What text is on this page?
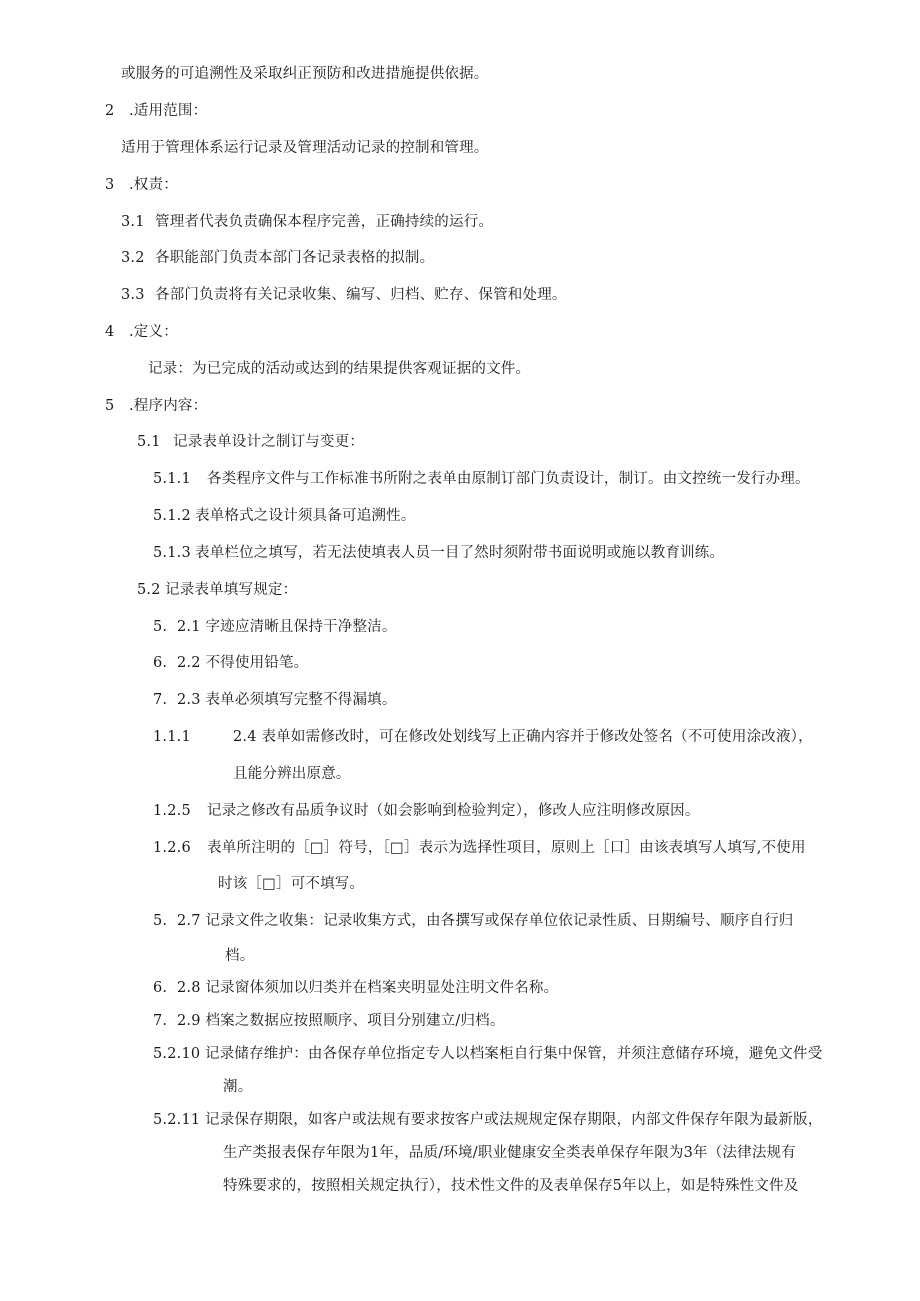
或服务的可追溯性及采取纠正预防和改进措施提供依据。
2 .适用范围：
适用于管理体系运行记录及管理活动记录的控制和管理。
3 .权责：
3.1 管理者代表负责确保本程序完善，正确持续的运行。
3.2 各职能部门负责本部门各记录表格的拟制。
3.3 各部门负责将有关记录收集、编写、归档、贮存、保管和处理。
4 .定义：
记录：为已完成的活动或达到的结果提供客观证据的文件。
5 .程序内容：
5.1 记录表单设计之制订与变更：
5.1.1 各类程序文件与工作标准书所附之表单由原制订部门负责设计，制订。由文控统一发行办理。
5.1.2 表单格式之设计须具备可追溯性。
5.1.3 表单栏位之填写，若无法使填表人员一目了然时须附带书面说明或施以教育训练。
5.2 记录表单填写规定：
5. 2.1 字迹应清晰且保持干净整洁。
6. 2.2 不得使用铅笔。
7. 2.3 表单必须填写完整不得漏填。
1.1.1	2.4 表单如需修改时，可在修改处划线写上正确内容并于修改处签名（不可使用涂改液），
且能分辨出原意。
1.2.5 记录之修改有品质争议时（如会影响到检验判定），修改人应注明修改原因。
1.2.6 表单所注明的［□］符号，［□］表示为选择性项目，原则上［口］由该表填写人填写,不使用
时该［□］可不填写。
5. 2.7 记录文件之收集：记录收集方式，由各撰写或保存单位依记录性质、日期编号、顺序自行归
档。
6. 2.8 记录窗体须加以归类并在档案夹明显处注明文件名称。
7. 2.9 档案之数据应按照顺序、项目分别建立/归档。
5.2.10 记录储存维护：由各保存单位指定专人以档案柜自行集中保管，并须注意储存环境，避免文件受
潮。
5.2.11 记录保存期限，如客户或法规有要求按客户或法规规定保存期限，内部文件保存年限为最新版，
生产类报表保存年限为1年，品质/环境/职业健康安全类表单保存年限为3年（法律法规有
特殊要求的，按照相关规定执行），技术性文件的及表单保存5年以上，如是特殊性文件及
